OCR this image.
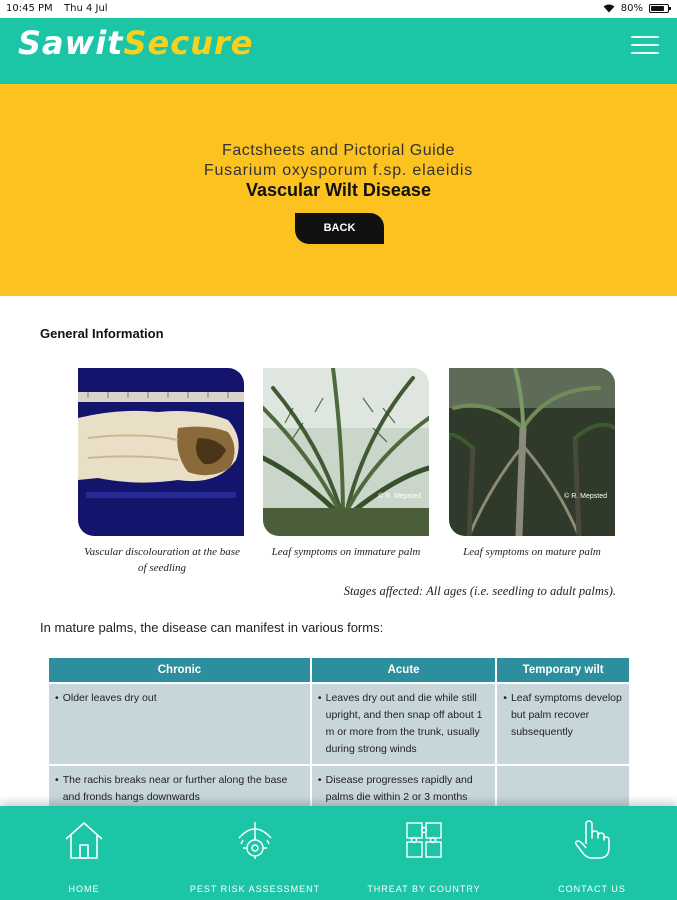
10:45 PM Thu 4 Jul	80%
SawitSecure
Factsheets and Pictorial Guide
Fusarium oxysporum f.sp. elaeidis
Vascular Wilt Disease
BACK
General Information
© R. Mepsted	© R. Mepsted
Vascular discolouration at the base
of seedling
Leaf symptoms on immature palm	Leaf symptoms on mature palm
Stages affected: All ages (i.e. seedling to adult palms).
In mature palms, the disease can manifest in various forms:
Chronic	Acute	Temporary wilt

• Older leaves dry out	• Leaves dry out and die while still upright, and then snap off about 1 m or more from the trunk, usually during strong winds	• Leaf symptoms develop but palm recover subsequently

• The rachis breaks near or further along the base and fronds hangs downwards	• Disease progresses rapidly and palms die within 2 or 3 months

•

HOME	PEST RISK ASSESSMENT	THREAT BY COUNTRY	CONTACT US
